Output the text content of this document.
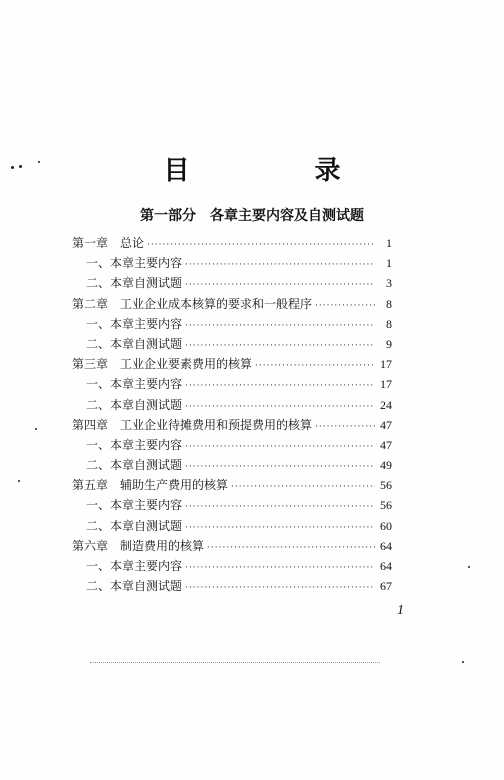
目 录
第一部分　各章主要内容及自测试题
第一章　总论 ·····	1
一、本章主要内容 ·····	1
二、本章自测试题 ·····	3
第二章　工业企业成本核算的要求和一般程序 ·····	8
一、本章主要内容 ·····	8
二、本章自测试题 ·····	9
第三章　工业企业要素费用的核算 ·····	17
一、本章主要内容 ·····	17
二、本章自测试题 ·····	24
第四章　工业企业待摊费用和预提费用的核算 ·····	47
一、本章主要内容 ·····	47
二、本章自测试题 ·····	49
第五章　辅助生产费用的核算 ·····	56
一、本章主要内容 ·····	56
二、本章自测试题 ·····	60
第六章　制造费用的核算 ·····	64
一、本章主要内容 ·····	64
二、本章自测试题 ·····	67
1
